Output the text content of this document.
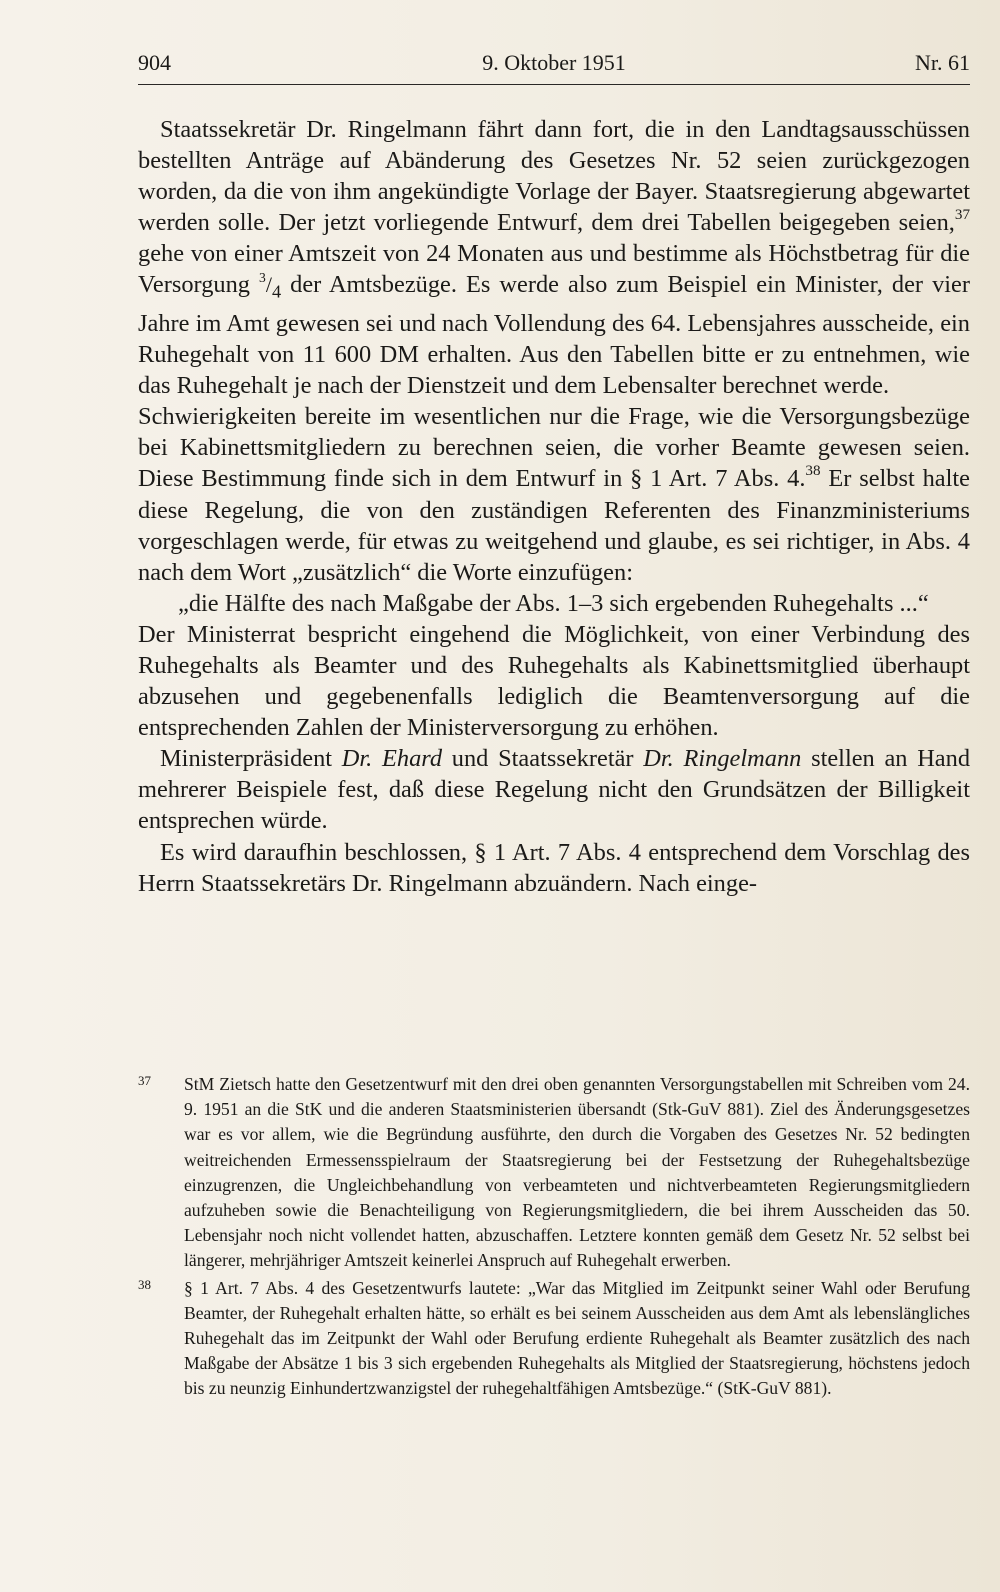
904	9. Oktober 1951	Nr. 61

Staatssekretär Dr. Ringelmann fährt dann fort, die in den Landtagsausschüssen bestellten Anträge auf Abänderung des Gesetzes Nr. 52 seien zurückgezogen worden, da die von ihm angekündigte Vorlage der Bayer. Staatsregierung abgewartet werden solle. Der jetzt vorliegende Entwurf, dem drei Tabellen beigegeben seien,$^{37}$ gehe von einer Amtszeit von 24 Monaten aus und bestimme als Höchstbetrag für die Versorgung $^3/_4$ der Amtsbezüge. Es werde also zum Beispiel ein Minister, der vier Jahre im Amt gewesen sei und nach Vollendung des 64. Lebensjahres ausscheide, ein Ruhegehalt von 11 600 DM erhalten. Aus den Tabellen bitte er zu entnehmen, wie das Ruhegehalt je nach der Dienstzeit und dem Lebensalter berechnet werde.

Schwierigkeiten bereite im wesentlichen nur die Frage, wie die Versorgungsbezüge bei Kabinettsmitgliedern zu berechnen seien, die vorher Beamte gewesen seien. Diese Bestimmung finde sich in dem Entwurf in § 1 Art. 7 Abs. 4.38 Er selbst halte diese Regelung, die von den zuständigen Referenten des Finanzministeriums vorgeschlagen werde, für etwas zu weitgehend und glaube, es sei richtiger, in Abs. 4 nach dem Wort „zusätzlich“ die Worte einzufügen:

„die Hälfte des nach Maßgabe der Abs. 1–3 sich ergebenden Ruhegehalts ...“

Der Ministerrat bespricht eingehend die Möglichkeit, von einer Verbindung des Ruhegehalts als Beamter und des Ruhegehalts als Kabinettsmitglied überhaupt abzusehen und gegebenenfalls lediglich die Beamtenversorgung auf die entsprechenden Zahlen der Ministerversorgung zu erhöhen.

Ministerpräsident Dr. Ehard und Staatssekretär Dr. Ringelmann stellen an Hand mehrerer Beispiele fest, daß diese Regelung nicht den Grundsätzen der Billigkeit entsprechen würde.

Es wird daraufhin beschlossen, § 1 Art. 7 Abs. 4 entsprechend dem Vorschlag des Herrn Staatssekretärs Dr. Ringelmann abzuändern. Nach einge-

37 StM Zietsch hatte den Gesetzentwurf mit den drei oben genannten Versorgungstabellen mit Schreiben vom 24. 9. 1951 an die StK und die anderen Staatsministerien übersandt (Stk-GuV 881). Ziel des Änderungsgesetzes war es vor allem, wie die Begründung ausführte, den durch die Vorgaben des Gesetzes Nr. 52 bedingten weitreichenden Ermessensspielraum der Staatsregierung bei der Festsetzung der Ruhegehaltsbezüge einzugrenzen, die Ungleichbehandlung von verbeamteten und nichtverbeamteten Regierungsmitgliedern aufzuheben sowie die Benachteiligung von Regierungsmitgliedern, die bei ihrem Ausscheiden das 50. Lebensjahr noch nicht vollendet hatten, abzuschaffen. Letztere konnten gemäß dem Gesetz Nr. 52 selbst bei längerer, mehrjähriger Amtszeit keinerlei Anspruch auf Ruhegehalt erwerben.

38 § 1 Art. 7 Abs. 4 des Gesetzentwurfs lautete: „War das Mitglied im Zeitpunkt seiner Wahl oder Berufung Beamter, der Ruhegehalt erhalten hätte, so erhält es bei seinem Ausscheiden aus dem Amt als lebenslängliches Ruhegehalt das im Zeitpunkt der Wahl oder Berufung erdiente Ruhegehalt als Beamter zusätzlich des nach Maßgabe der Absätze 1 bis 3 sich ergebenden Ruhegehalts als Mitglied der Staatsregierung, höchstens jedoch bis zu neunzig Einhundertzwanzigstel der ruhegehaltfähigen Amtsbezüge.“ (StK-GuV 881).
